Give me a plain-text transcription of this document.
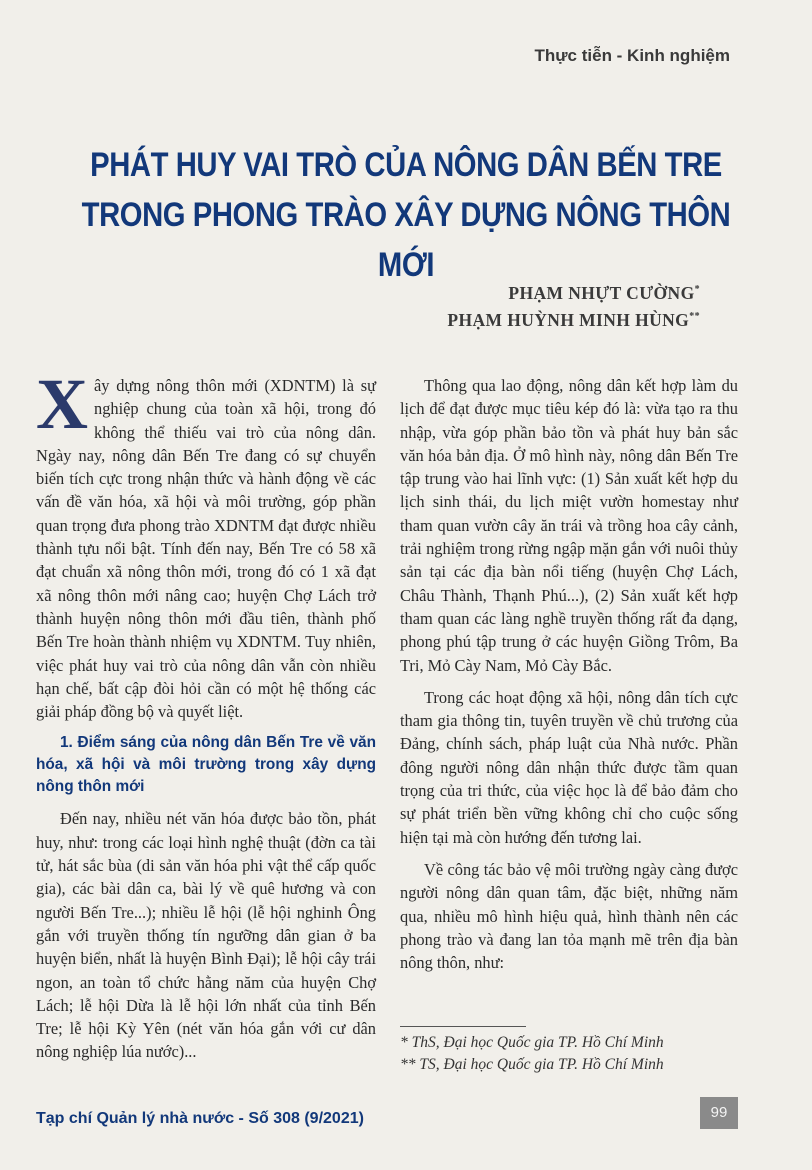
Thực tiễn - Kinh nghiệm
PHÁT HUY VAI TRÒ CỦA NÔNG DÂN BẾN TRE
TRONG PHONG TRÀO XÂY DỰNG NÔNG THÔN MỚI
PHẠM NHỰT CƯỜNG*
PHẠM HUỲNH MINH HÙNG**

Xây dựng nông thôn mới (XDNTM) là sự nghiệp chung của toàn xã hội, trong đó không thể thiếu vai trò của nông dân. Ngày nay, nông dân Bến Tre đang có sự chuyển biến tích cực trong nhận thức và hành động về các vấn đề văn hóa, xã hội và môi trường, góp phần quan trọng đưa phong trào XDNTM đạt được nhiều thành tựu nổi bật. Tính đến nay, Bến Tre có 58 xã đạt chuẩn xã nông thôn mới, trong đó có 1 xã đạt xã nông thôn mới nâng cao; huyện Chợ Lách trở thành huyện nông thôn mới đầu tiên, thành phố Bến Tre hoàn thành nhiệm vụ XDNTM. Tuy nhiên, việc phát huy vai trò của nông dân vẫn còn nhiều hạn chế, bất cập đòi hỏi cần có một hệ thống các giải pháp đồng bộ và quyết liệt.

1. Điểm sáng của nông dân Bến Tre về văn hóa, xã hội và môi trường trong xây dựng nông thôn mới

Đến nay, nhiều nét văn hóa được bảo tồn, phát huy, như: trong các loại hình nghệ thuật (đờn ca tài tử, hát sắc bùa (di sản văn hóa phi vật thể cấp quốc gia), các bài dân ca, bài lý về quê hương và con người Bến Tre...); nhiều lễ hội (lễ hội nghinh Ông gắn với truyền thống tín ngưỡng dân gian ở ba huyện biển, nhất là huyện Bình Đại); lễ hội cây trái ngon, an toàn tổ chức hằng năm của huyện Chợ Lách; lễ hội Dừa là lễ hội lớn nhất của tỉnh Bến Tre; lễ hội Kỳ Yên (nét văn hóa gắn với cư dân nông nghiệp lúa nước)...

Thông qua lao động, nông dân kết hợp làm du lịch để đạt được mục tiêu kép đó là: vừa tạo ra thu nhập, vừa góp phần bảo tồn và phát huy bản sắc văn hóa bản địa. Ở mô hình này, nông dân Bến Tre tập trung vào hai lĩnh vực: (1) Sản xuất kết hợp du lịch sinh thái, du lịch miệt vườn homestay như tham quan vườn cây ăn trái và trồng hoa cây cảnh, trải nghiệm trong rừng ngập mặn gắn với nuôi thủy sản tại các địa bàn nổi tiếng (huyện Chợ Lách, Châu Thành, Thạnh Phú...), (2) Sản xuất kết hợp tham quan các làng nghề truyền thống rất đa dạng, phong phú tập trung ở các huyện Giồng Trôm, Ba Tri, Mỏ Cày Nam, Mỏ Cày Bắc.

Trong các hoạt động xã hội, nông dân tích cực tham gia thông tin, tuyên truyền về chủ trương của Đảng, chính sách, pháp luật của Nhà nước. Phần đông người nông dân nhận thức được tầm quan trọng của tri thức, của việc học là để bảo đảm cho sự phát triển bền vững không chỉ cho cuộc sống hiện tại mà còn hướng đến tương lai.

Về công tác bảo vệ môi trường ngày càng được người nông dân quan tâm, đặc biệt, những năm qua, nhiều mô hình hiệu quả, hình thành nên các phong trào và đang lan tỏa mạnh mẽ trên địa bàn nông thôn, như:

* ThS, Đại học Quốc gia TP. Hồ Chí Minh
** TS, Đại học Quốc gia TP. Hồ Chí Minh
Tạp chí Quản lý nhà nước - Số 308 (9/2021)	99
